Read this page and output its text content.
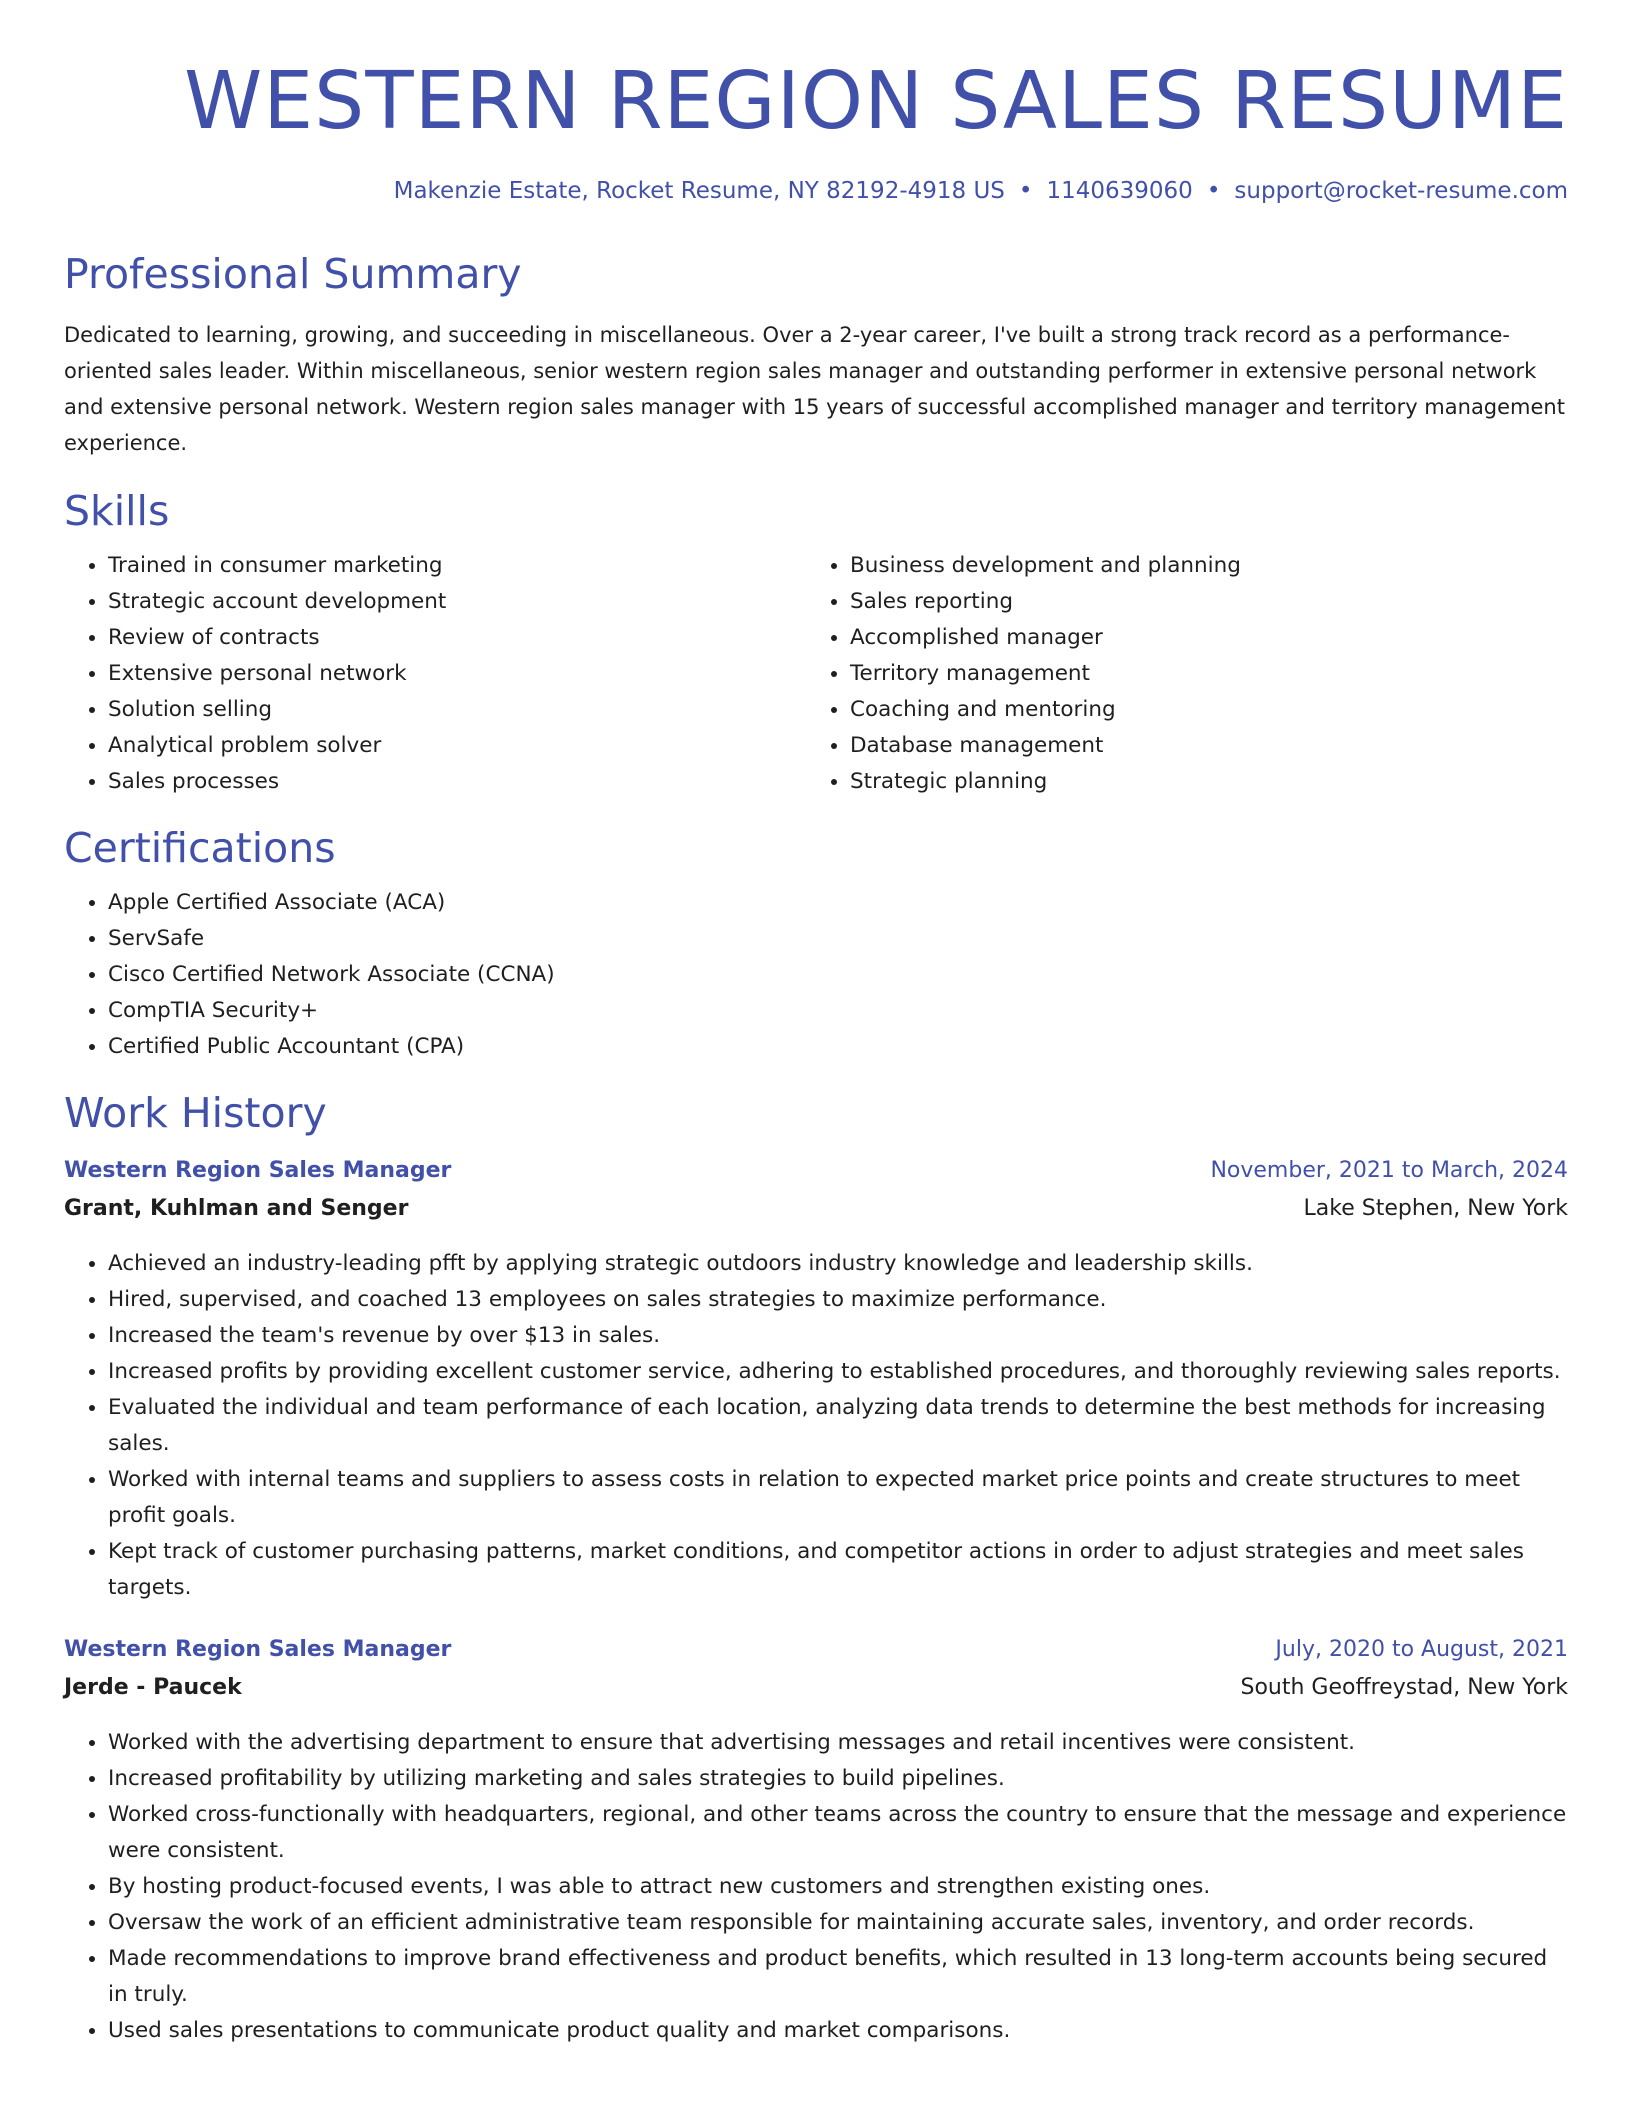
WESTERN REGION SALES RESUME
Makenzie Estate, Rocket Resume, NY 82192-4918 US • 1140639060 • support@rocket-resume.com
Professional Summary

Dedicated to learning, growing, and succeeding in miscellaneous. Over a 2-year career, I've built a strong track record as a performance-oriented sales leader. Within miscellaneous, senior western region sales manager and outstanding performer in extensive personal network and extensive personal network. Western region sales manager with 15 years of successful accomplished manager and territory management experience.

Skills
• Trained in consumer marketing
• Strategic account development
• Review of contracts
• Extensive personal network
• Solution selling
• Analytical problem solver
• Sales processes
• Business development and planning
• Sales reporting
• Accomplished manager
• Territory management
• Coaching and mentoring
• Database management
• Strategic planning
Certifications
• Apple Certified Associate (ACA)
• ServSafe
• Cisco Certified Network Associate (CCNA)
• CompTIA Security+
• Certified Public Accountant (CPA)
Work History
Western Region Sales Manager	November, 2021 to March, 2024
Grant, Kuhlman and Senger	Lake Stephen, New York
• Achieved an industry-leading pfft by applying strategic outdoors industry knowledge and leadership skills.
• Hired, supervised, and coached 13 employees on sales strategies to maximize performance.
• Increased the team's revenue by over $13 in sales.
• Increased profits by providing excellent customer service, adhering to established procedures, and thoroughly reviewing sales reports.
• Evaluated the individual and team performance of each location, analyzing data trends to determine the best methods for increasing sales.
• Worked with internal teams and suppliers to assess costs in relation to expected market price points and create structures to meet profit goals.
• Kept track of customer purchasing patterns, market conditions, and competitor actions in order to adjust strategies and meet sales targets.
Western Region Sales Manager	July, 2020 to August, 2021
Jerde - Paucek	South Geoffreystad, New York
• Worked with the advertising department to ensure that advertising messages and retail incentives were consistent.
• Increased profitability by utilizing marketing and sales strategies to build pipelines.
• Worked cross-functionally with headquarters, regional, and other teams across the country to ensure that the message and experience were consistent.
• By hosting product-focused events, I was able to attract new customers and strengthen existing ones.
• Oversaw the work of an efficient administrative team responsible for maintaining accurate sales, inventory, and order records.
• Made recommendations to improve brand effectiveness and product benefits, which resulted in 13 long-term accounts being secured in truly.
• Used sales presentations to communicate product quality and market comparisons.
